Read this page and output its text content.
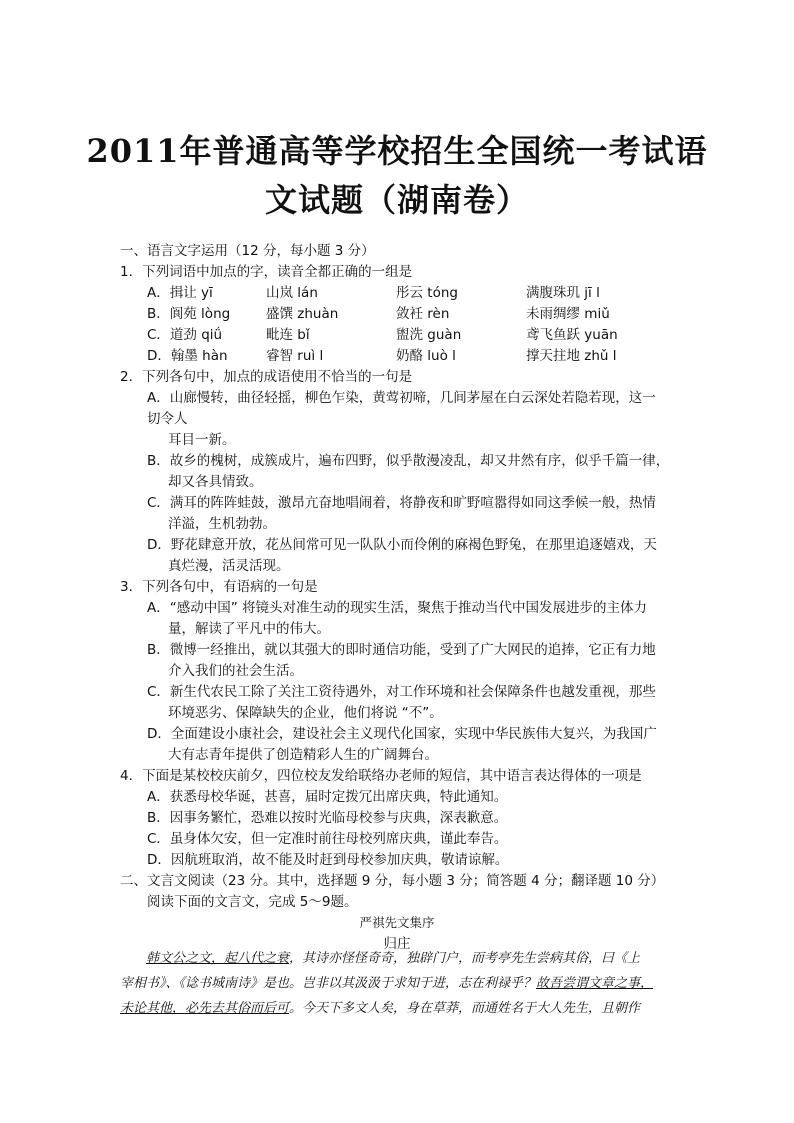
2011年普通高等学校招生全国统一考试语
文试题（湖南卷）
一、语言文字运用（12 分，每小题 3 分）
1．下列词语中加点的字，读音全都正确的一组是
A．揖让 yī	山岚 lán	彤云 tóng	满腹珠玑 jī l
B．阆苑 lòng	盛馔 zhuàn	敛衽 rèn	未雨绸缪 miǔ
C．道劲 qiǘ	毗连 bǐ	盥洗 guàn	鸢飞鱼跃 yuān
D．翰墨 hàn	睿智 ruì l	奶酪 luò l	撑天拄地 zhǔ l
2．下列各句中，加点的成语使用不恰当的一句是
A．山廊慢转，曲径轻摇，柳色乍染，黄莺初啼，几间茅屋在白云深处若隐若现，这一
切令人
耳目一新。
B．故乡的槐树，成簇成片，遍布四野，似乎散漫凌乱，却又井然有序，似乎千篇一律，
却又各具情致。
C．满耳的阵阵蛙鼓，激昂亢奋地唱闹着，将静夜和旷野喧嚣得如同这季候一般，热情
洋溢，生机勃勃。
D．野花肆意开放，花丛间常可见一队队小而伶俐的麻褐色野兔，在那里追逐嬉戏，天
真烂漫，活灵活现。
3．下列各句中，有语病的一句是
A．“感动中国” 将镜头对准生动的现实生活，聚焦于推动当代中国发展进步的主体力
量，解读了平凡中的伟大。
B．微博一经推出，就以其强大的即时通信功能，受到了广大网民的追捧，它正有力地
介入我们的社会生活。
C．新生代农民工除了关注工资待遇外，对工作环境和社会保障条件也越发重视，那些
环境恶劣、保障缺失的企业，他们将说 “不”。
D．全面建设小康社会，建设社会主义现代化国家，实现中华民族伟大复兴，为我国广
大有志青年提供了创造精彩人生的广阔舞台。
4．下面是某校校庆前夕，四位校友发给联络办老师的短信，其中语言表达得体的一项是
A．获悉母校华诞，甚喜，届时定拨冗出席庆典，特此通知。
B．因事务繁忙，恐难以按时光临母校参与庆典，深表歉意。
C．虽身体欠安，但一定准时前往母校列席庆典，谨此奉告。
D．因航班取消，故不能及时赶到母校参加庆典，敬请谅解。
二、文言文阅读（23 分。其中，选择题 9 分，每小题 3 分；简答题 4 分；翻译题 10 分）
阅读下面的文言文，完成 5～9题。
严祺先文集序
归庄
韩文公之文，起八代之衰，其诗亦怪怪奇奇，独辟门户，而考亭先生尝病其俗，曰《上
宰相书》、《谂书城南诗》是也。岂非以其汲汲于求知于进，志在利禄乎？故吾尝谓文章之事，
未论其他，必先去其俗而后可。今天下多文人矣，身在草莽，而通姓名于大人先生，且朝作
